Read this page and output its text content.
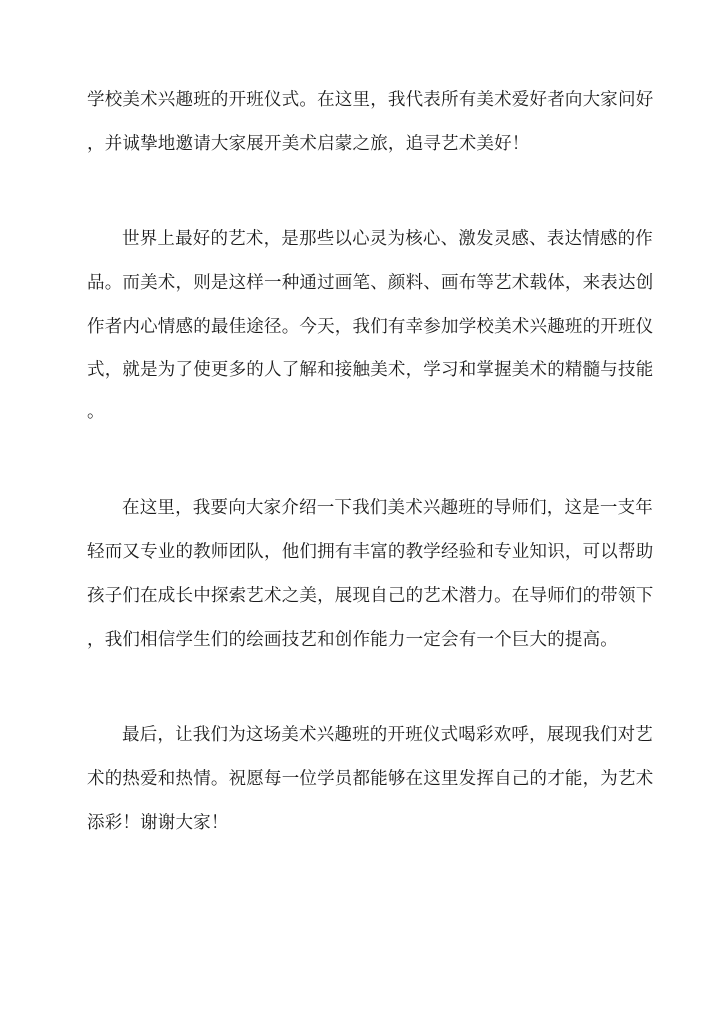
学校美术兴趣班的开班仪式。在这里，我代表所有美术爱好者向大家问好
，并诚挚地邀请大家展开美术启蒙之旅，追寻艺术美好！
世界上最好的艺术，是那些以心灵为核心、激发灵感、表达情感的作
品。而美术，则是这样一种通过画笔、颜料、画布等艺术载体，来表达创
作者内心情感的最佳途径。今天，我们有幸参加学校美术兴趣班的开班仪
式，就是为了使更多的人了解和接触美术，学习和掌握美术的精髓与技能
。
在这里，我要向大家介绍一下我们美术兴趣班的导师们，这是一支年
轻而又专业的教师团队，他们拥有丰富的教学经验和专业知识，可以帮助
孩子们在成长中探索艺术之美，展现自己的艺术潜力。在导师们的带领下
，我们相信学生们的绘画技艺和创作能力一定会有一个巨大的提高。
最后，让我们为这场美术兴趣班的开班仪式喝彩欢呼，展现我们对艺
术的热爱和热情。祝愿每一位学员都能够在这里发挥自己的才能，为艺术
添彩！谢谢大家！
